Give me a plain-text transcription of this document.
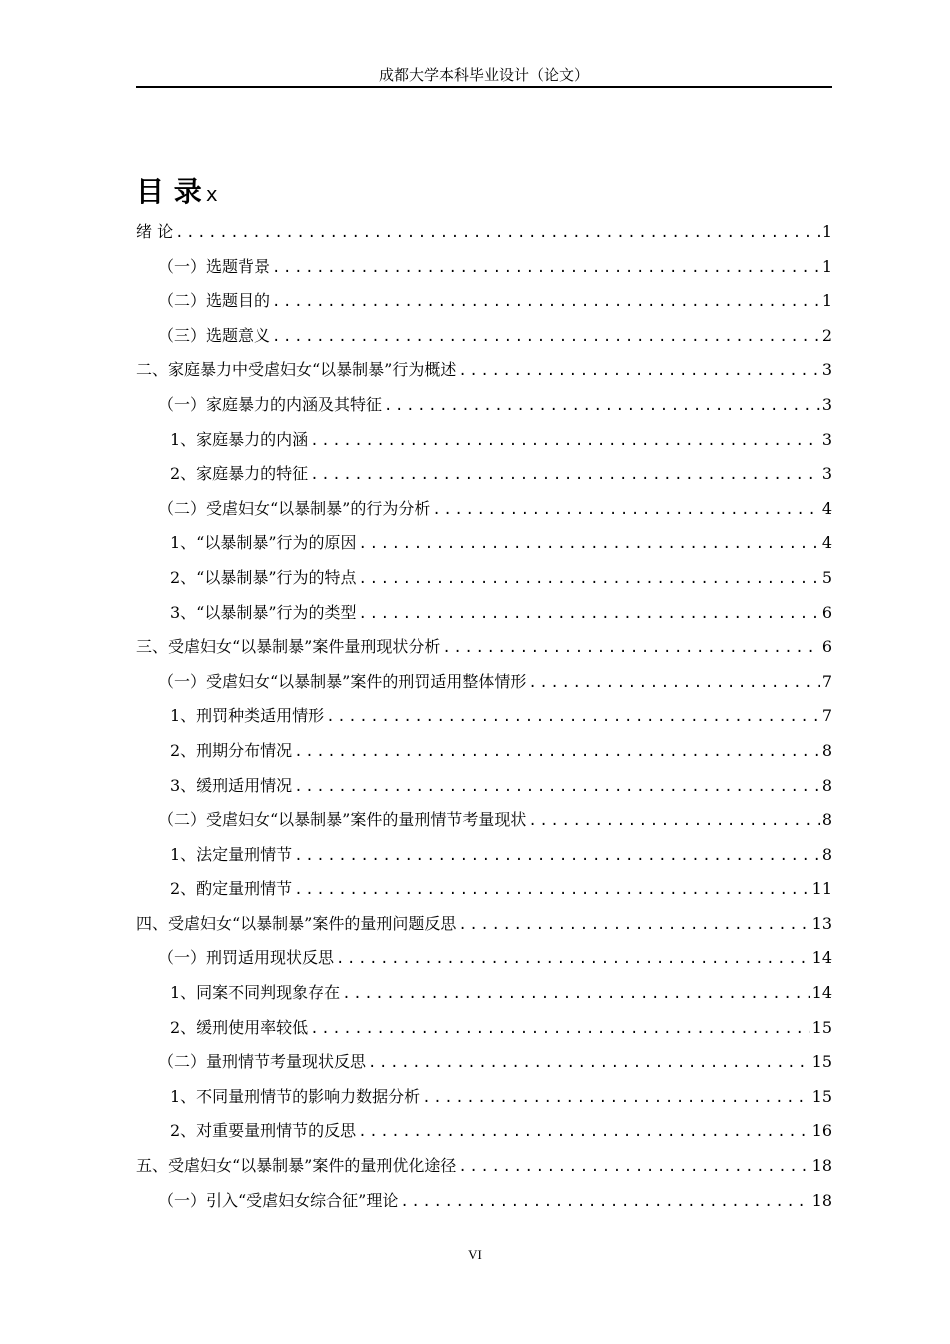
成都大学本科毕业设计（论文）
目 录 x
绪 论 .....	1
（一）选题背景 .....	1
（二）选题目的 .....	1
（三）选题意义 .....	2
二、家庭暴力中受虐妇女“以暴制暴”行为概述 .....	3
（一）家庭暴力的内涵及其特征 .....	3
1、家庭暴力的内涵 .....	3
2、家庭暴力的特征 .....	3
（二）受虐妇女“以暴制暴”的行为分析 .....	4
1、“以暴制暴”行为的原因 .....	4
2、“以暴制暴”行为的特点 .....	5
3、“以暴制暴”行为的类型 .....	6
三、受虐妇女“以暴制暴”案件量刑现状分析 .....	6
（一）受虐妇女“以暴制暴”案件的刑罚适用整体情形 .....	7
1、刑罚种类适用情形 .....	7
2、刑期分布情况 .....	8
3、缓刑适用情况 .....	8
（二）受虐妇女“以暴制暴”案件的量刑情节考量现状 .....	8
1、法定量刑情节 .....	8
2、酌定量刑情节 .....	11
四、受虐妇女“以暴制暴”案件的量刑问题反思 .....	13
（一）刑罚适用现状反思 .....	14
1、同案不同判现象存在 .....	14
2、缓刑使用率较低 .....	15
（二）量刑情节考量现状反思 .....	15
1、不同量刑情节的影响力数据分析 .....	15
2、对重要量刑情节的反思 .....	16
五、受虐妇女“以暴制暴”案件的量刑优化途径 .....	18
（一）引入“受虐妇女综合征”理论 .....	18
VI
